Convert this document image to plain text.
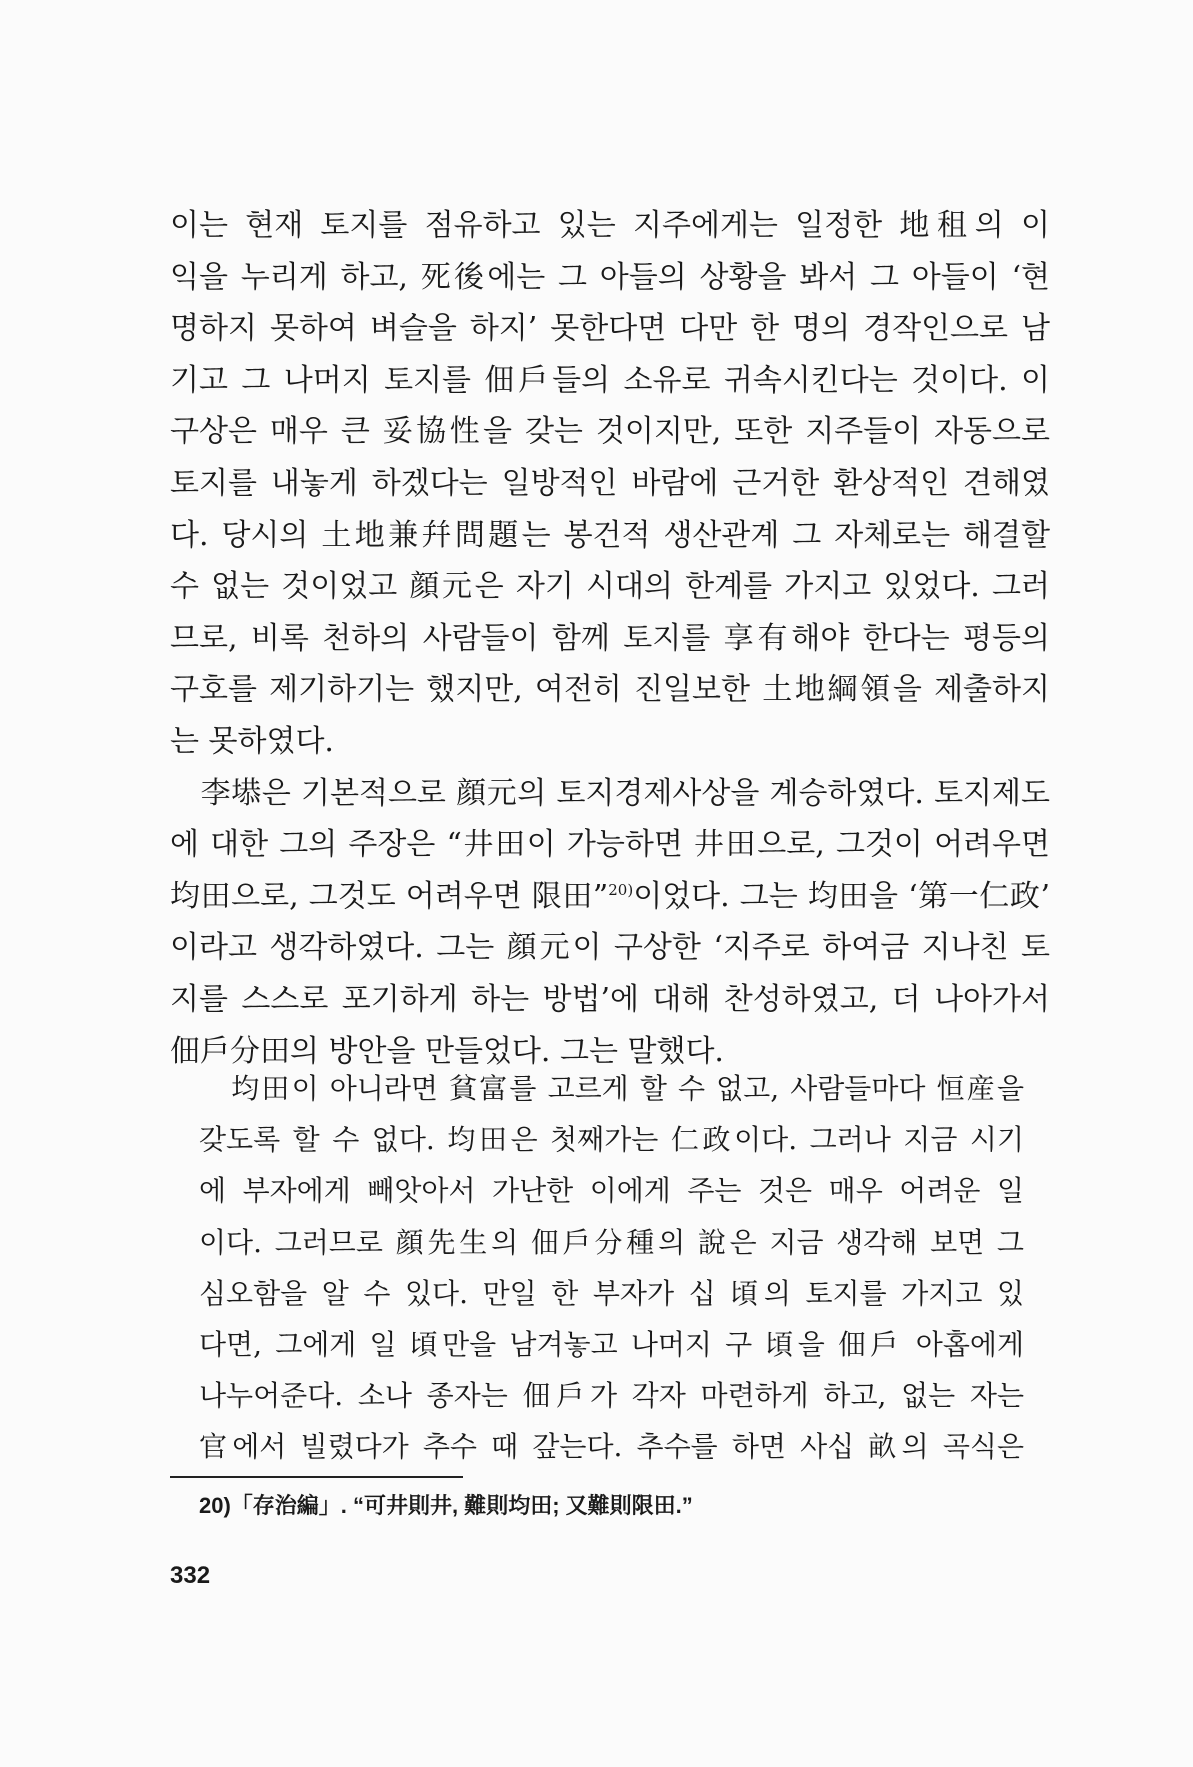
이는 현재 토지를 점유하고 있는 지주에게는 일정한 地租의 이
익을 누리게 하고, 死後에는 그 아들의 상황을 봐서 그 아들이 ‘현
명하지 못하여 벼슬을 하지’ 못한다면 다만 한 명의 경작인으로 남
기고 그 나머지 토지를 佃戶들의 소유로 귀속시킨다는 것이다. 이
구상은 매우 큰 妥協性을 갖는 것이지만, 또한 지주들이 자동으로
토지를 내놓게 하겠다는 일방적인 바람에 근거한 환상적인 견해였
다. 당시의 土地兼幷問題는 봉건적 생산관계 그 자체로는 해결할
수 없는 것이었고 顔元은 자기 시대의 한계를 가지고 있었다. 그러
므로, 비록 천하의 사람들이 함께 토지를 享有해야 한다는 평등의
구호를 제기하기는 했지만, 여전히 진일보한 土地綱領을 제출하지
는 못하였다.

李塨은 기본적으로 顔元의 토지경제사상을 계승하였다. 토지제도
에 대한 그의 주장은 “井田이 가능하면 井田으로, 그것이 어려우면
均田으로, 그것도 어려우면 限田”$^{20)}$이었다. 그는 均田을 ‘第一仁政’
이라고 생각하였다. 그는 顔元이 구상한 ‘지주로 하여금 지나친 토
지를 스스로 포기하게 하는 방법’에 대해 찬성하였고, 더 나아가서
佃戶分田의 방안을 만들었다. 그는 말했다.

均田이 아니라면 貧富를 고르게 할 수 없고, 사람들마다 恒産을
갖도록 할 수 없다. 均田은 첫째가는 仁政이다. 그러나 지금 시기
에 부자에게 빼앗아서 가난한 이에게 주는 것은 매우 어려운 일
이다. 그러므로 顔先生의 佃戶分種의 說은 지금 생각해 보면 그
심오함을 알 수 있다. 만일 한 부자가 십 頃의 토지를 가지고 있
다면, 그에게 일 頃만을 남겨놓고 나머지 구 頃을 佃戶 아홉에게
나누어준다. 소나 종자는 佃戶가 각자 마련하게 하고, 없는 자는
官에서 빌렸다가 추수 때 갚는다. 추수를 하면 사십 畝의 곡식은
20)「存治編」. “可井則井, 難則均田; 又難則限田.”
332
